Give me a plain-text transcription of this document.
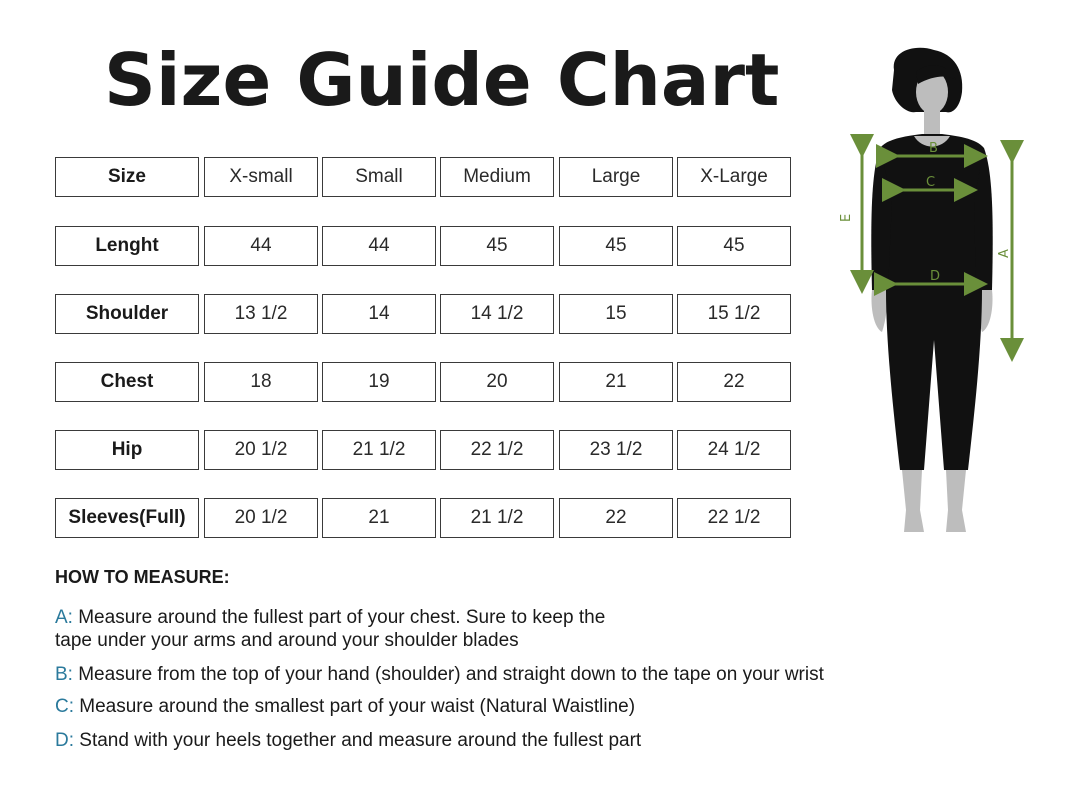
Size Guide Chart
Size	X-small	Small	Medium	Large	X-Large
Lenght	44	44	45	45	45
Shoulder	13 1/2	14	14 1/2	15	15 1/2
Chest	18	19	20	21	22
Hip	20 1/2	21 1/2	22 1/2	23 1/2	24 1/2
Sleeves(Full)	20 1/2	21	21 1/2	22	22 1/2
HOW TO MEASURE:
A: Measure around the fullest part of your chest. Sure to keep the
tape under your arms and around your shoulder blades
B: Measure from the top of your hand (shoulder) and straight down to the tape on your wrist
C: Measure around the smallest part of your waist (Natural Waistline)
D: Stand with your heels together and measure around the fullest part
B
C
D
E
A
